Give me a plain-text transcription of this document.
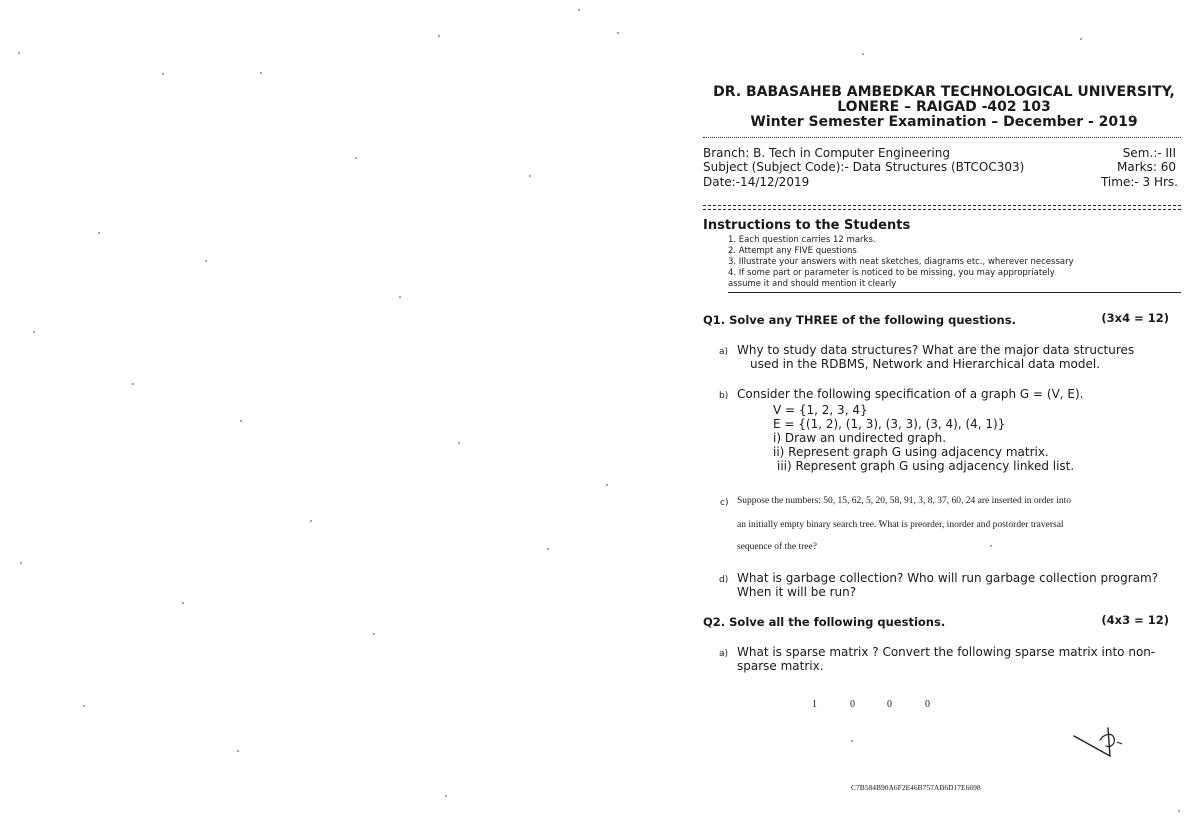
DR. BABASAHEB AMBEDKAR TECHNOLOGICAL UNIVERSITY,
LONERE – RAIGAD -402 103
Winter Semester Examination – December - 2019
Branch: B. Tech in Computer Engineering
Subject (Subject Code):- Data Structures (BTCOC303)
Date:-14/12/2019
Sem.:- III
Marks: 60
Time:- 3 Hrs.
Instructions to the Students
1. Each question carries 12 marks.
2. Attempt any FIVE questions
3. Illustrate your answers with neat sketches, diagrams etc., wherever necessary
4. If some part or parameter is noticed to be missing, you may appropriately
assume it and should mention it clearly
Q1. Solve any THREE of the following questions.	(3x4 = 12)
a) Why to study data structures? What are the major data structures
used in the RDBMS, Network and Hierarchical data model.
b) Consider the following specification of a graph G = (V, E).
V = {1, 2, 3, 4}
E = {(1, 2), (1, 3), (3, 3), (3, 4), (4, 1)}
i) Draw an undirected graph.
ii) Represent graph G using adjacency matrix.
iii) Represent graph G using adjacency linked list.
c) Suppose the numbers: 50, 15, 62, 5, 20, 58, 91, 3, 8, 37, 60, 24 are inserted in order into
an initially empty binary search tree. What is preorder, inorder and postorder traversal
sequence of the tree?
d) What is garbage collection? Who will run garbage collection program?
When it will be run?
Q2. Solve all the following questions.	(4x3 = 12)
a) What is sparse matrix ? Convert the following sparse matrix into non-
sparse matrix.
1	0	0	0
C7B584B90A6F2E46B757AB6D17E6698
